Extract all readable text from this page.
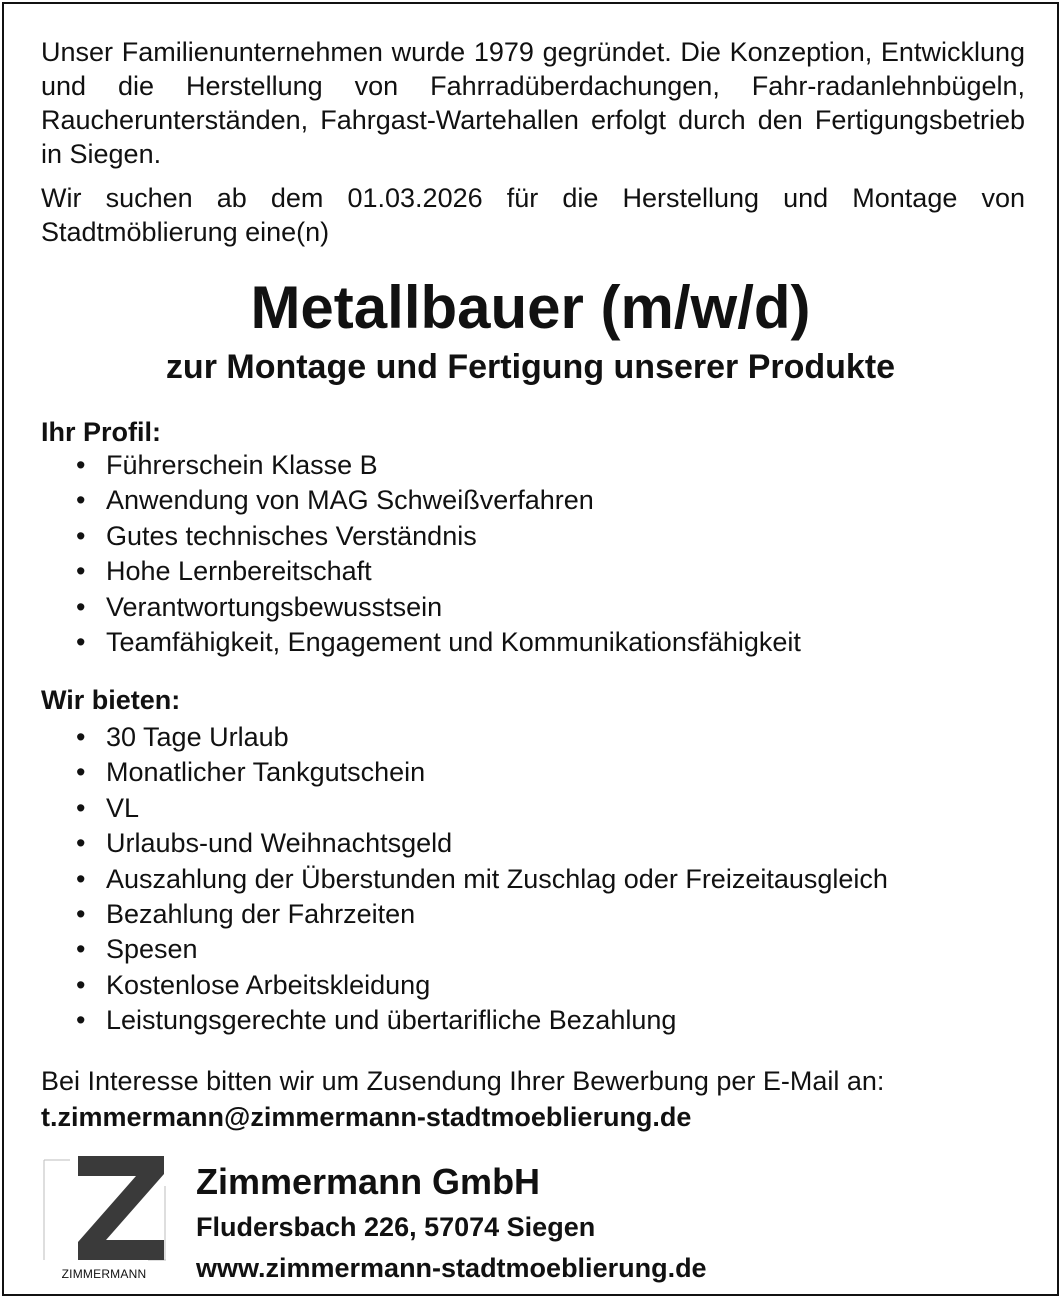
Unser Familienunternehmen wurde 1979 gegründet. Die Konzeption, Entwicklung und die Herstellung von Fahrradüberdachungen, Fahr-radanlehnbügeln, Raucherunterständen, Fahrgast-Wartehallen erfolgt durch den Fertigungsbetrieb in Siegen.

Wir suchen ab dem 01.03.2026 für die Herstellung und Montage von Stadtmöblierung eine(n)

Metallbauer (m/w/d)
zur Montage und Fertigung unserer Produkte
Ihr Profil:
• Führerschein Klasse B
• Anwendung von MAG Schweißverfahren
• Gutes technisches Verständnis
• Hohe Lernbereitschaft
• Verantwortungsbewusstsein
• Teamfähigkeit, Engagement und Kommunikationsfähigkeit
Wir bieten:
• 30 Tage Urlaub
• Monatlicher Tankgutschein
• VL
• Urlaubs-und Weihnachtsgeld
• Auszahlung der Überstunden mit Zuschlag oder Freizeitausgleich
• Bezahlung der Fahrzeiten
• Spesen
• Kostenlose Arbeitskleidung
• Leistungsgerechte und übertarifliche Bezahlung

Bei Interesse bitten wir um Zusendung Ihrer Bewerbung per E-Mail an:

t.zimmermann@zimmermann-stadtmoeblierung.de

ZIMMERMANN

Zimmermann GmbH

Fludersbach 226, 57074 Siegen

www.zimmermann-stadtmoeblierung.de
